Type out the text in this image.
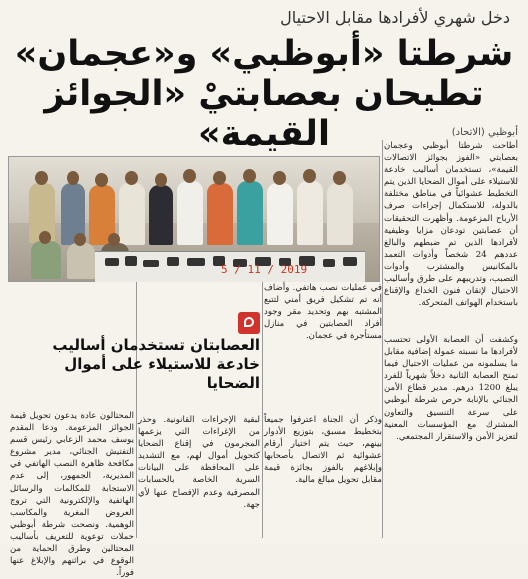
دخل شهري لأفرادها مقابل الاحتيال
شرطتا «أبوظبي» و«عجمان» تطيحان بعصابتيْ «الجوائز القيمة»	أبوظبي (الاتحاد)

أطاحت شرطتا أبوظبي وعجمان بعصابتي «الفوز بجوائز الاتصالات القيمة»، تستخدمان أساليب خادعة للاستيلاء على أموال الضحايا الذين يتم التخطيط عشوائياً في مناطق مختلفة بالدولة، للاستكمال إجراءات صرف الأرباح المزعومة. وأظهرت التحقيقات أن عصابتين تودعان مزايا وظيفية لأفرادها الذين تم ضبطهم والبالغ عددهم 24 شخصاً وأدوات التعمد بالمكانيس والمشترب وأدوات التصبب، وتدريبهم على طرق وأساليب الاحتيال لإتقان فنون الخداع والإقناع باستخدام الهواتف المتحركة.

5 / 11 / 2019

وكشفت أن العصابة الأولى تحتسب لأفرادها ما نسبته عمولة إضافية مقابل ما يسلمونه من عمليات الاحتيال فيما تمنح العصابة الثانية دخلاً شهرياً للفرد يبلغ 1200 درهم. مدير قطاع الأمن الجنائي بالإنابة حرص شرطة أبوظبي على سرعة التنسيق والتعاون المشترك مع المؤسسات المعنية لتعزيز الأمن والاستقرار المجتمعي.

في عمليات نصب هاتفي. وأضاف أنه تم تشكيل فريق أمني لتتبع المشتبه بهم وتحديد مقر وجود أفراد العصابتين في منازل مستأجرة في عجمان.

وذكر أن الجناة اعترفوا جميعاً بتخطيط مسبق، بتوزيع الأدوار بينهم، حيث يتم اختيار أرقام عشوائية ثم الاتصال بأصحابها وإبلاغهم بالفوز بجائزة قيمة مقابل تحويل مبالغ مالية.

العصابتان تستخدمان أساليب خادعة للاستيلاء على أموال الضحايا

لبقية الإجراءات القانونية. وحذر من الإغراءات التي يزعمها المجرمون في إقناع الضحايا كتحويل أموال لهم، مع التشديد على المحافظة على البيانات السرية الخاصة بالحسابات المصرفية وعدم الإفصاح عنها لأي جهة.

المحتالون عادة يدعون تحويل قيمة الجوائز المزعومة. ودعا المقدم يوسف محمد الزعابي رئيس قسم التفتيش الجنائي، مدير مشروع مكافحة ظاهرة النصب الهاتفي في المديرية، الجمهور، إلى عدم الاستجابة للمكالمات والرسائل الهاتفية والإلكترونية التي تروج العروض المغرية والمكاسب الوهمية. ونصحت شرطة أبوظبي حملات توعوية للتعريف بأساليب المحتالين وطرق الحماية من الوقوع في براثنهم والإبلاغ عنها فوراً.
